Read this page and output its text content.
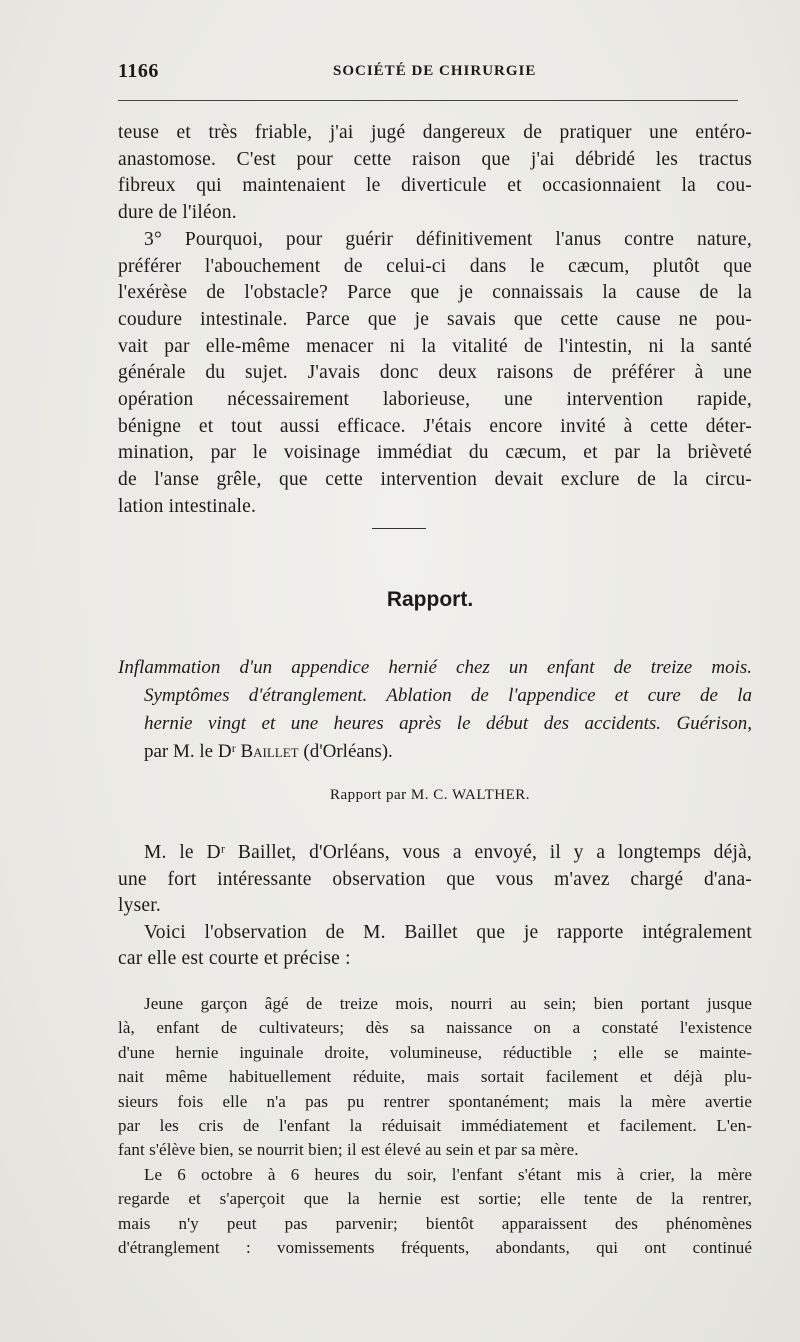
1166	SOCIÉTÉ DE CHIRURGIE
teuse et très friable, j'ai jugé dangereux de pratiquer une entéro-
anastomose. C'est pour cette raison que j'ai débridé les tractus
fibreux qui maintenaient le diverticule et occasionnaient la cou-
dure de l'iléon.
3° Pourquoi, pour guérir définitivement l'anus contre nature,
préférer l'abouchement de celui-ci dans le cæcum, plutôt que
l'exérèse de l'obstacle? Parce que je connaissais la cause de la
coudure intestinale. Parce que je savais que cette cause ne pou-
vait par elle-même menacer ni la vitalité de l'intestin, ni la santé
générale du sujet. J'avais donc deux raisons de préférer à une
opération nécessairement laborieuse, une intervention rapide,
bénigne et tout aussi efficace. J'étais encore invité à cette déter-
mination, par le voisinage immédiat du cæcum, et par la brièveté
de l'anse grêle, que cette intervention devait exclure de la circu-
lation intestinale.
Rapport.
Inflammation d'un appendice hernié chez un enfant de treize mois.
Symptômes d'étranglement. Ablation de l'appendice et cure de la
hernie vingt et une heures après le début des accidents. Guérison,
par M. le Dʳ Baillet (d'Orléans).
Rapport par M. C. WALTHER.
M. le Dʳ Baillet, d'Orléans, vous a envoyé, il y a longtemps déjà,
une fort intéressante observation que vous m'avez chargé d'ana-
lyser.
Voici l'observation de M. Baillet que je rapporte intégralement
car elle est courte et précise :
Jeune garçon âgé de treize mois, nourri au sein; bien portant jusque
là, enfant de cultivateurs; dès sa naissance on a constaté l'existence
d'une hernie inguinale droite, volumineuse, réductible ; elle se mainte-
nait même habituellement réduite, mais sortait facilement et déjà plu-
sieurs fois elle n'a pas pu rentrer spontanément; mais la mère avertie
par les cris de l'enfant la réduisait immédiatement et facilement. L'en-
fant s'élève bien, se nourrit bien; il est élevé au sein et par sa mère.
Le 6 octobre à 6 heures du soir, l'enfant s'étant mis à crier, la mère
regarde et s'aperçoit que la hernie est sortie; elle tente de la rentrer,
mais n'y peut pas parvenir; bientôt apparaissent des phénomènes
d'étranglement : vomissements fréquents, abondants, qui ont continué
